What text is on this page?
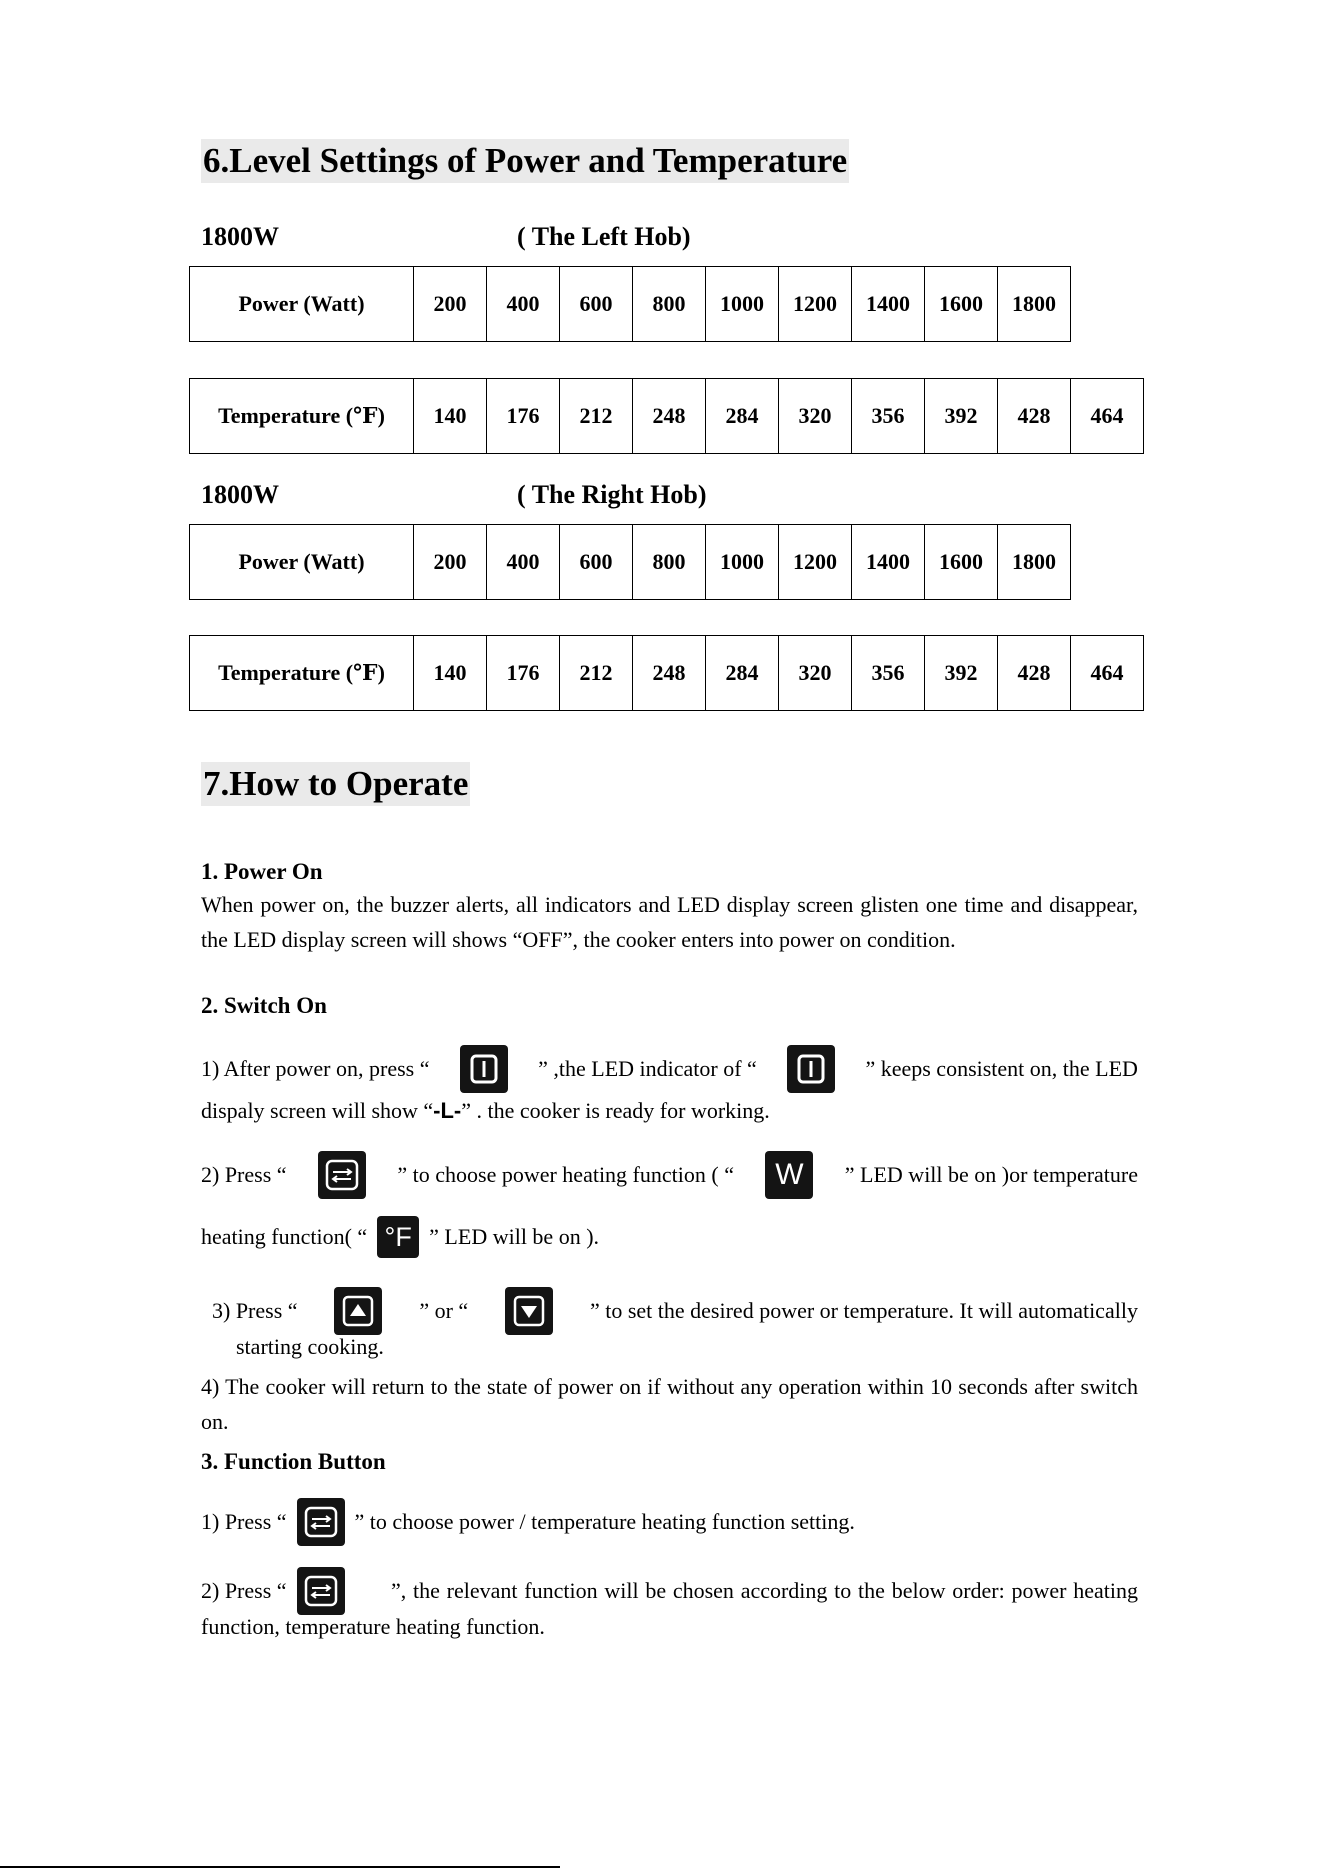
6.Level Settings of Power and Temperature
1800W	( The Left Hob)
Power (Watt)	200	400	600	800	1000	1200	1400	1600	1800
Temperature (℉)	140	176	212	248	284	320	356	392	428	464
1800W	( The Right Hob)
Power (Watt)	200	400	600	800	1000	1200	1400	1600	1800
Temperature (℉)	140	176	212	248	284	320	356	392	428	464
7.How to Operate
1. Power On
When power on, the buzzer alerts, all indicators and LED display screen glisten one time and disappear, the LED display screen will shows “OFF”, the cooker enters into power on condition.
2. Switch On
1) After power on, press “	” ,the LED indicator of “	” keeps consistent on, the LED
dispaly screen will show “ -L- ” . the cooker is ready for working.
2) Press “	” to choose power heating function ( “	W	” LED will be on )or temperature
heating function( “ °F ” LED will be on ).
3) Press “	” or “	” to set the desired power or temperature. It will automatically
starting cooking.
4) The cooker will return to the state of power on if without any operation within 10 seconds after switch on.
3. Function Button
1) Press “	” to choose power / temperature heating function setting.
2) Press “	”, the relevant function will be chosen according to the below order: power heating function, temperature heating function.
